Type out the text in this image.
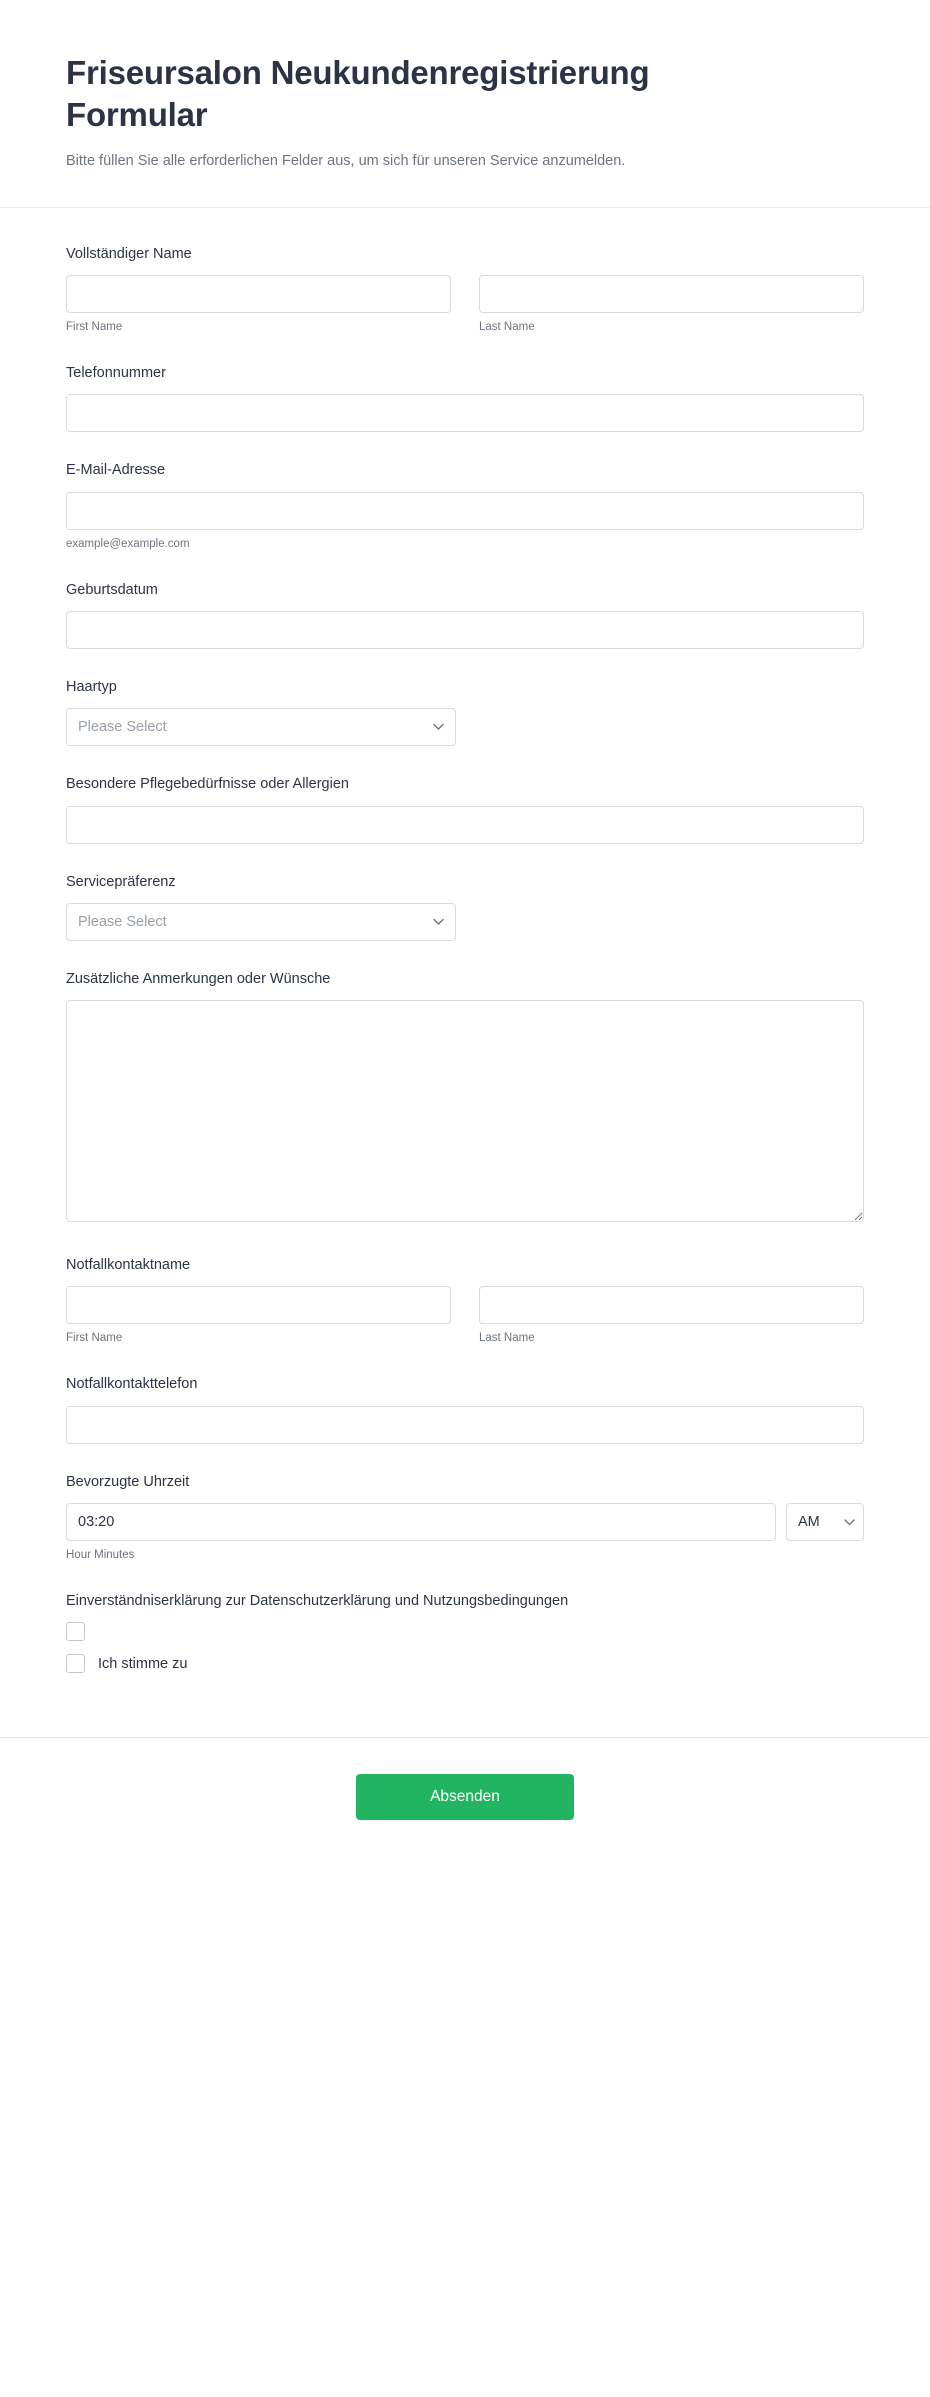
Friseursalon Neukundenregistrierung Formular

Bitte füllen Sie alle erforderlichen Felder aus, um sich für unseren Service anzumelden.

Vollständiger Name
First Name	Last Name
Telefonnummer
E-Mail-Adresse
example@example.com
Geburtsdatum
Haartyp
Please Select
Besondere Pflegebedürfnisse oder Allergien
Servicepräferenz
Please Select
Zusätzliche Anmerkungen oder Wünsche
Notfallkontaktname
First Name	Last Name
Notfallkontakttelefon
Bevorzugte Uhrzeit
03:20
AM
Hour Minutes
Einverständniserklärung zur Datenschutzerklärung und Nutzungsbedingungen
Ich stimme zu
Absenden
